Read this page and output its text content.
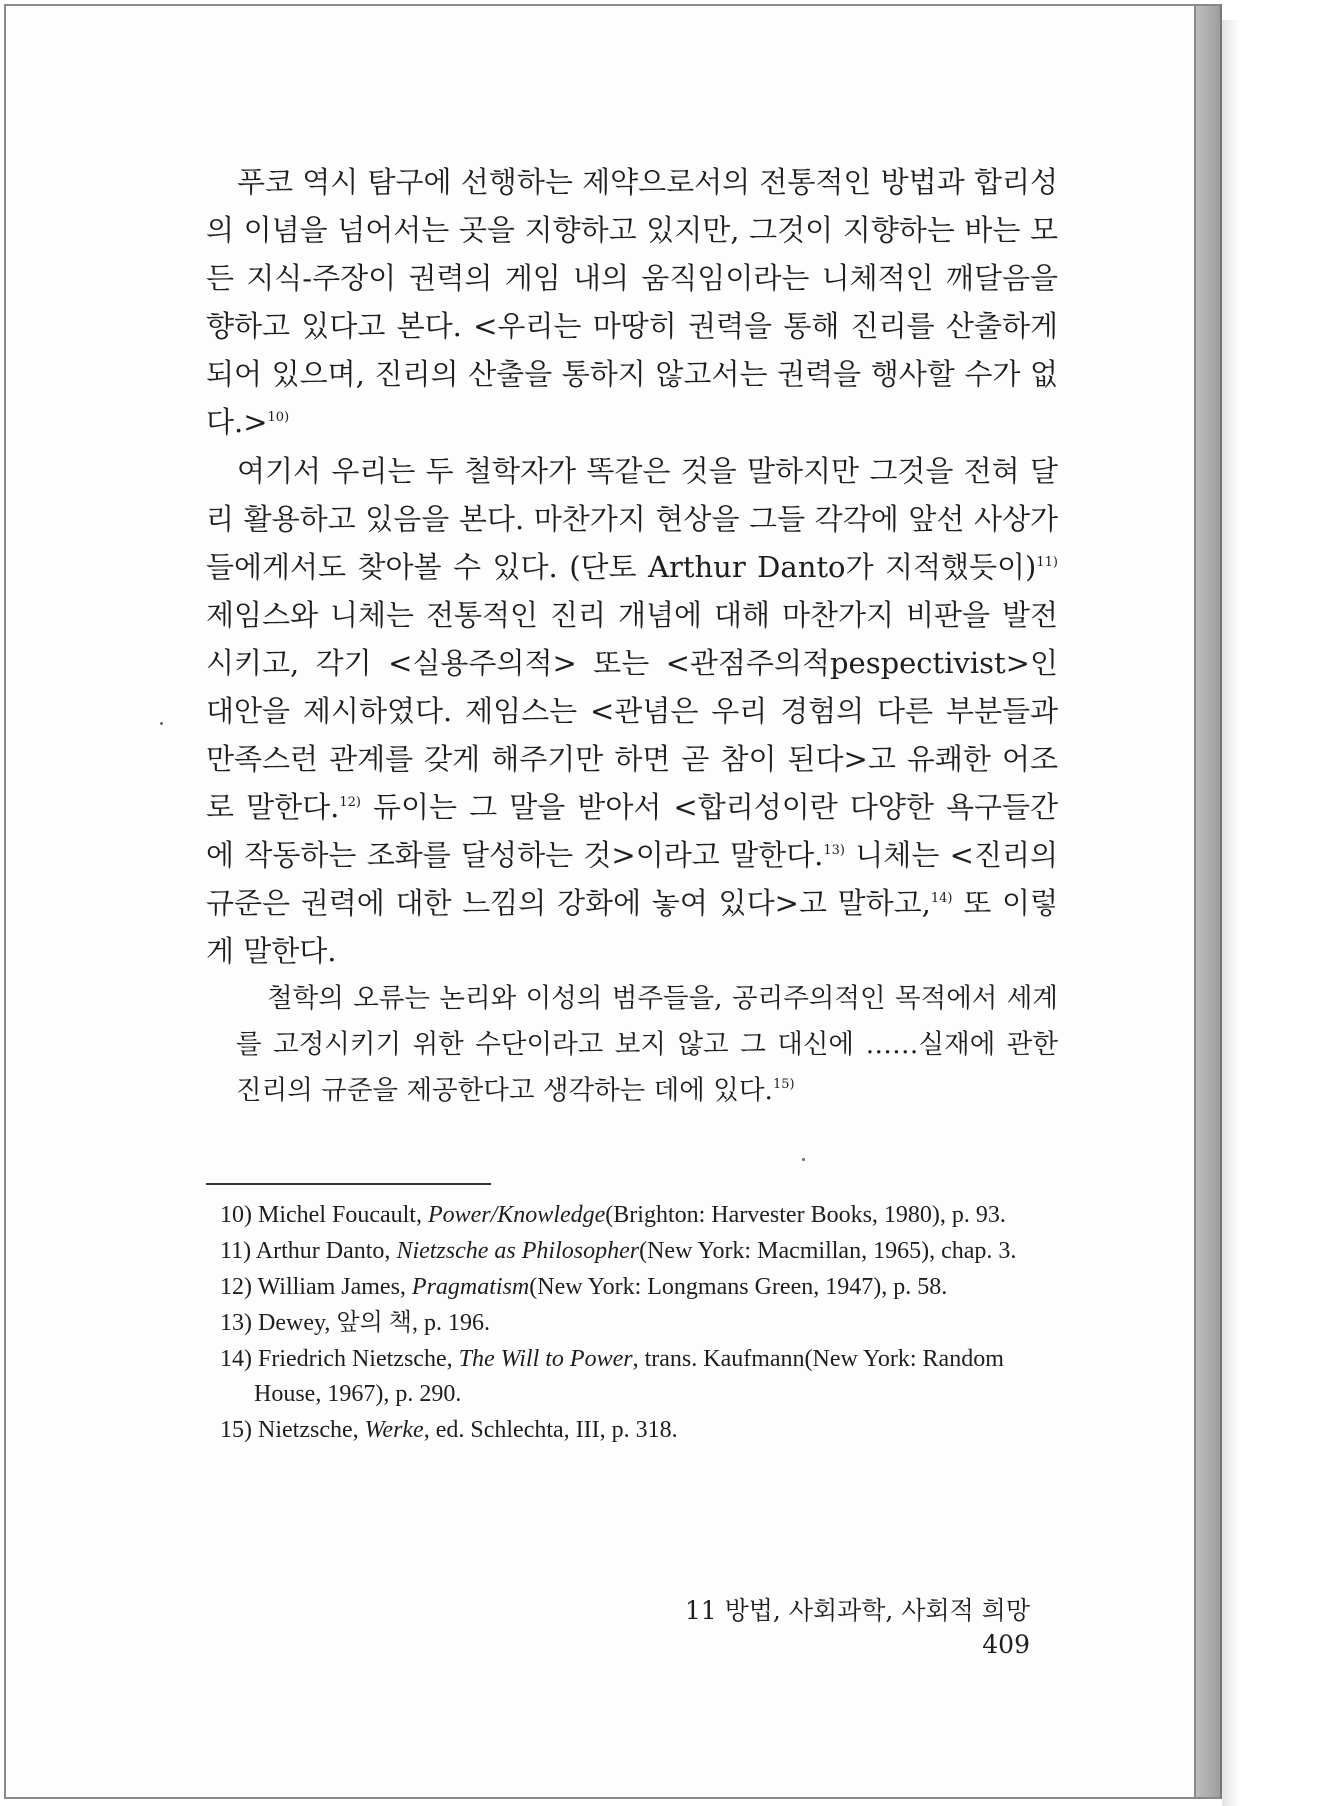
푸코 역시 탐구에 선행하는 제약으로서의 전통적인 방법과 합리성의 이념을 넘어서는 곳을 지향하고 있지만, 그것이 지향하는 바는 모든 지식-주장이 권력의 게임 내의 움직임이라는 니체적인 깨달음을 향하고 있다고 본다. <우리는 마땅히 권력을 통해 진리를 산출하게 되어 있으며, 진리의 산출을 통하지 않고서는 권력을 행사할 수가 없다.>$^{10)}$

여기서 우리는 두 철학자가 똑같은 것을 말하지만 그것을 전혀 달리 활용하고 있음을 본다. 마찬가지 현상을 그들 각각에 앞선 사상가들에게서도 찾아볼 수 있다. (단토 Arthur Danto가 지적했듯이)$^{11)}$ 제임스와 니체는 전통적인 진리 개념에 대해 마찬가지 비판을 발전시키고, 각기 <실용주의적> 또는 <관점주의적pespectivist>인 대안을 제시하였다. 제임스는 <관념은 우리 경험의 다른 부분들과 만족스런 관계를 갖게 해주기만 하면 곧 참이 된다>고 유쾌한 어조로 말한다.$^{12)}$ 듀이는 그 말을 받아서 <합리성이란 다양한 욕구들간에 작동하는 조화를 달성하는 것>이라고 말한다.$^{13)}$ 니체는 <진리의 규준은 권력에 대한 느낌의 강화에 놓여 있다>고 말하고,$^{14)}$ 또 이렇게 말한다.

철학의 오류는 논리와 이성의 범주들을, 공리주의적인 목적에서 세계를 고정시키기 위한 수단이라고 보지 않고 그 대신에 ……실재에 관한 진리의 규준을 제공한다고 생각하는 데에 있다.$^{15)}$

10) Michel Foucault, Power/Knowledge(Brighton: Harvester Books, 1980), p. 93.
11) Arthur Danto, Nietzsche as Philosopher(New York: Macmillan, 1965), chap. 3.
12) William James, Pragmatism(New York: Longmans Green, 1947), p. 58.
13) Dewey, 앞의 책, p. 196.
14) Friedrich Nietzsche, The Will to Power, trans. Kaufmann(New York: Random House, 1967), p. 290.
15) Nietzsche, Werke, ed. Schlechta, III, p. 318.
11 방법, 사회과학, 사회적 희망409
